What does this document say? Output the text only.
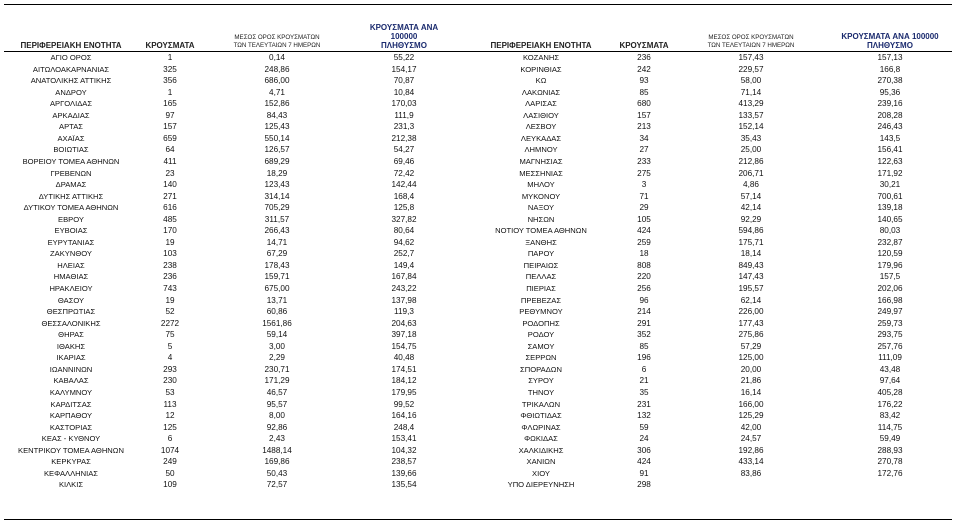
ΠΕΡΙΦΕΡΕΙΑΚΗ ΕΝΟΤΗΤΑ	ΚΡΟΥΣΜΑΤΑ
ΜΕΣΟΣ ΟΡΟΣ ΚΡΟΥΣΜΑΤΩΝ
ΤΩΝ ΤΕΛΕΥΤΑΙΩΝ 7 ΗΜΕΡΩΝ
ΚΡΟΥΣΜΑΤΑ ΑΝΑ 100000
ΠΛΗΘΥΣΜΟ	ΠΕΡΙΦΕΡΕΙΑΚΗ ΕΝΟΤΗΤΑ	ΚΡΟΥΣΜΑΤΑ
ΜΕΣΟΣ ΟΡΟΣ ΚΡΟΥΣΜΑΤΩΝ
ΤΩΝ ΤΕΛΕΥΤΑΙΩΝ 7 ΗΜΕΡΩΝ
ΚΡΟΥΣΜΑΤΑ ΑΝΑ 100000
ΠΛΗΘΥΣΜΟ
ΑΓΙΟ ΟΡΟΣ	1	0,14	55,22	ΚΟΖΑΝΗΣ	236	157,43	157,13
ΑΙΤΩΛΟΑΚΑΡΝΑΝΙΑΣ	325	248,86	154,17	ΚΟΡΙΝΘΙΑΣ	242	229,57	166,8
ΑΝΑΤΟΛΙΚΗΣ ΑΤΤΙΚΗΣ	356	686,00	70,87	ΚΩ	93	58,00	270,38
ΑΝΔΡΟΥ	1	4,71	10,84	ΛΑΚΩΝΙΑΣ	85	71,14	95,36
ΑΡΓΟΛΙΔΑΣ	165	152,86	170,03	ΛΑΡΙΣΑΣ	680	413,29	239,16
ΑΡΚΑΔΙΑΣ	97	84,43	111,9	ΛΑΣΙΘΙΟΥ	157	133,57	208,28
ΑΡΤΑΣ	157	125,43	231,3	ΛΕΣΒΟΥ	213	152,14	246,43
ΑΧΑΪΑΣ	659	550,14	212,38	ΛΕΥΚΑΔΑΣ	34	35,43	143,5
ΒΟΙΩΤΙΑΣ	64	126,57	54,27	ΛΗΜΝΟΥ	27	25,00	156,41
ΒΟΡΕΙΟΥ ΤΟΜΕΑ ΑΘΗΝΩΝ	411	689,29	69,46	ΜΑΓΝΗΣΙΑΣ	233	212,86	122,63
ΓΡΕΒΕΝΩΝ	23	18,29	72,42	ΜΕΣΣΗΝΙΑΣ	275	206,71	171,92
ΔΡΑΜΑΣ	140	123,43	142,44	ΜΗΛΟΥ	3	4,86	30,21
ΔΥΤΙΚΗΣ ΑΤΤΙΚΗΣ	271	314,14	168,4	ΜΥΚΟΝΟΥ	71	57,14	700,61
ΔΥΤΙΚΟΥ ΤΟΜΕΑ ΑΘΗΝΩΝ	616	705,29	125,8	ΝΑΞΟΥ	29	42,14	139,18
ΕΒΡΟΥ	485	311,57	327,82	ΝΗΣΩΝ	105	92,29	140,65
ΕΥΒΟΙΑΣ	170	266,43	80,64	ΝΟΤΙΟΥ ΤΟΜΕΑ ΑΘΗΝΩΝ	424	594,86	80,03
ΕΥΡΥΤΑΝΙΑΣ	19	14,71	94,62	ΞΑΝΘΗΣ	259	175,71	232,87
ΖΑΚΥΝΘΟΥ	103	67,29	252,7	ΠΑΡΟΥ	18	18,14	120,59
ΗΛΕΙΑΣ	238	178,43	149,4	ΠΕΙΡΑΙΩΣ	808	849,43	179,96
ΗΜΑΘΙΑΣ	236	159,71	167,84	ΠΕΛΛΑΣ	220	147,43	157,5
ΗΡΑΚΛΕΙΟΥ	743	675,00	243,22	ΠΙΕΡΙΑΣ	256	195,57	202,06
ΘΑΣΟΥ	19	13,71	137,98	ΠΡΕΒΕΖΑΣ	96	62,14	166,98
ΘΕΣΠΡΩΤΙΑΣ	52	60,86	119,3	ΡΕΘΥΜΝΟΥ	214	226,00	249,97
ΘΕΣΣΑΛΟΝΙΚΗΣ	2272	1561,86	204,63	ΡΟΔΟΠΗΣ	291	177,43	259,73
ΘΗΡΑΣ	75	59,14	397,18	ΡΟΔΟΥ	352	275,86	293,75
ΙΘΑΚΗΣ	5	3,00	154,75	ΣΑΜΟΥ	85	57,29	257,76
ΙΚΑΡΙΑΣ	4	2,29	40,48	ΣΕΡΡΩΝ	196	125,00	111,09
ΙΩΑΝΝΙΝΩΝ	293	230,71	174,51	ΣΠΟΡΑΔΩΝ	6	20,00	43,48
ΚΑΒΑΛΑΣ	230	171,29	184,12	ΣΥΡΟΥ	21	21,86	97,64
ΚΑΛΥΜΝΟΥ	53	46,57	179,95	ΤΗΝΟΥ	35	16,14	405,28
ΚΑΡΔΙΤΣΑΣ	113	95,57	99,52	ΤΡΙΚΑΛΩΝ	231	166,00	176,22
ΚΑΡΠΑΘΟΥ	12	8,00	164,16	ΦΘΙΩΤΙΔΑΣ	132	125,29	83,42
ΚΑΣΤΟΡΙΑΣ	125	92,86	248,4	ΦΛΩΡΙΝΑΣ	59	42,00	114,75
ΚΕΑΣ - ΚΥΘΝΟΥ	6	2,43	153,41	ΦΩΚΙΔΑΣ	24	24,57	59,49
ΚΕΝΤΡΙΚΟΥ ΤΟΜΕΑ ΑΘΗΝΩΝ	1074	1488,14	104,32	ΧΑΛΚΙΔΙΚΗΣ	306	192,86	288,93
ΚΕΡΚΥΡΑΣ	249	169,86	238,57	ΧΑΝΙΩΝ	424	433,14	270,78
ΚΕΦΑΛΛΗΝΙΑΣ	50	50,43	139,66	ΧΙΟΥ	91	83,86	172,76
ΚΙΛΚΙΣ	109	72,57	135,54	ΥΠΟ ΔΙΕΡΕΥΝΗΣΗ	298
